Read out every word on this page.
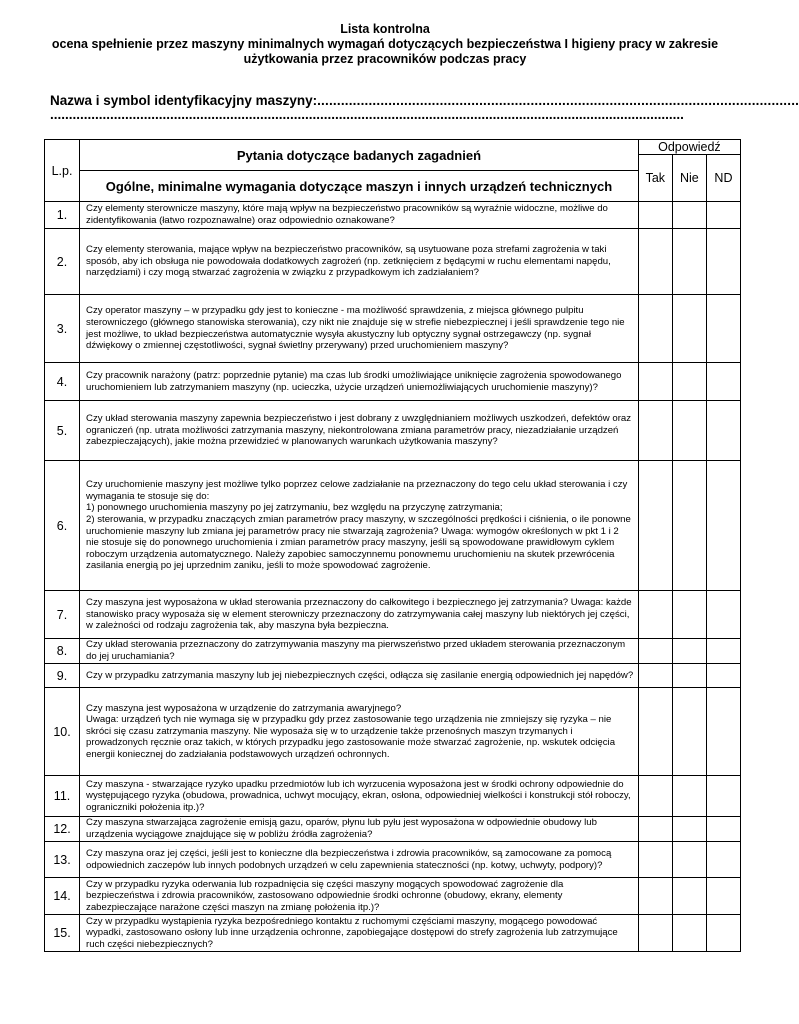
Lista kontrolna
ocena spełnienie przez maszyny minimalnych wymagań dotyczących bezpieczeństwa I higieny pracy w zakresie
użytkowania przez pracowników podczas pracy
Nazwa i symbol identyfikacyjny maszyny:..........................................................................................................................
.........................................................................................................................................................................
L.p.	Pytania dotyczące badanych zagadnień	Odpowiedź		
		Tak	Nie	ND
	Ogólne, minimalne wymagania dotyczące maszyn i innych urządzeń technicznych			
1.	Czy elementy sterownicze maszyny, które mają wpływ na bezpieczeństwo pracowników są wyraźnie widoczne, możliwe do zidentyfikowania (łatwo rozpoznawalne) oraz odpowiednio oznakowane?			
2.	Czy elementy sterowania, mające wpływ na bezpieczeństwo pracowników, są usytuowane poza strefami zagrożenia w taki sposób, aby ich obsługa nie powodowała dodatkowych zagrożeń (np. zetknięciem z będącymi w ruchu elementami napędu, narzędziami) i czy mogą stwarzać zagrożenia w związku z przypadkowym ich zadziałaniem?			
3.	Czy operator maszyny – w przypadku gdy jest to konieczne - ma możliwość sprawdzenia, z miejsca głównego pulpitu sterowniczego (głównego stanowiska sterowania), czy nikt nie znajduje się w strefie niebezpiecznej i jeśli sprawdzenie tego nie jest możliwe, to układ bezpieczeństwa automatycznie wysyła akustyczny lub optyczny sygnał ostrzegawczy (np. sygnał dźwiękowy o zmiennej częstotliwości, sygnał świetlny przerywany) przed uruchomieniem maszyny?			
4.	Czy pracownik narażony (patrz: poprzednie pytanie) ma czas lub środki umożliwiające uniknięcie zagrożenia spowodowanego uruchomieniem lub zatrzymaniem maszyny (np. ucieczka, użycie urządzeń uniemożliwiających uruchomienie maszyny)?			
5.	Czy układ sterowania maszyny zapewnia bezpieczeństwo i jest dobrany z uwzględnianiem możliwych uszkodzeń, defektów oraz ograniczeń (np. utrata możliwości zatrzymania maszyny, niekontrolowana zmiana parametrów pracy, niezadziałanie urządzeń zabezpieczających), jakie można przewidzieć w planowanych warunkach użytkowania maszyny?			
6.	Czy uruchomienie maszyny jest możliwe tylko poprzez celowe zadziałanie na przeznaczony do tego celu układ sterowania i czy wymagania te stosuje się do:
1) ponownego uruchomienia maszyny po jej zatrzymaniu, bez względu na przyczynę zatrzymania;
2) sterowania, w przypadku znaczących zmian parametrów pracy maszyny, w szczególności prędkości i ciśnienia, o ile ponowne uruchomienie maszyny lub zmiana jej parametrów pracy nie stwarzają zagrożenia? Uwaga: wymogów określonych w pkt 1 i 2 nie stosuje się do ponownego uruchomienia i zmian parametrów pracy maszyny, jeśli są spowodowane prawidłowym cyklem roboczym urządzenia automatycznego. Należy zapobiec samoczynnemu ponownemu uruchomieniu na skutek przewrócenia zasilania energią po jej uprzednim zaniku, jeśli to może spowodować zagrożenie.			
7.	Czy maszyna jest wyposażona w układ sterowania przeznaczony do całkowitego i bezpiecznego jej zatrzymania? Uwaga: każde stanowisko pracy wyposaża się w element sterowniczy przeznaczony do zatrzymywania całej maszyny lub niektórych jej części, w zależności od rodzaju zagrożenia tak, aby maszyna była bezpieczna.			
8.	Czy układ sterowania przeznaczony do zatrzymywania maszyny ma pierwszeństwo przed układem sterowania przeznaczonym do jej uruchamiania?			
9.	Czy w przypadku zatrzymania maszyny lub jej niebezpiecznych części, odłącza się zasilanie energią odpowiednich jej napędów?			
10.	Czy maszyna jest wyposażona w urządzenie do zatrzymania awaryjnego?
Uwaga: urządzeń tych nie wymaga się w przypadku gdy przez zastosowanie tego urządzenia nie zmniejszy się ryzyka – nie skróci się czasu zatrzymania maszyny. Nie wyposaża się w to urządzenie także przenośnych maszyn trzymanych i prowadzonych ręcznie oraz takich, w których przypadku jego zastosowanie może stwarzać zagrożenie, np. wskutek odcięcia energii koniecznej do zadziałania podstawowych urządzeń ochronnych.			
11.	Czy maszyna - stwarzające ryzyko upadku przedmiotów lub ich wyrzucenia wyposażona jest w środki ochrony odpowiednie do występującego ryzyka (obudowa, prowadnica, uchwyt mocujący, ekran, osłona, odpowiedniej wielkości i konstrukcji stół roboczy, ograniczniki położenia itp.)?			
12.	Czy maszyna stwarzająca zagrożenie emisją gazu, oparów, płynu lub pyłu jest wyposażona w odpowiednie obudowy lub urządzenia wyciągowe znajdujące się w pobliżu źródła zagrożenia?			
13.	Czy maszyna oraz jej części, jeśli jest to konieczne dla bezpieczeństwa i zdrowia pracowników, są zamocowane za pomocą odpowiednich zaczepów lub innych podobnych urządzeń w celu zapewnienia stateczności (np. kotwy, uchwyty, podpory)?			
14.	Czy w przypadku ryzyka oderwania lub rozpadnięcia się części maszyny mogących spowodować zagrożenie dla bezpieczeństwa i zdrowia pracowników, zastosowano odpowiednie środki ochronne (obudowy, ekrany, elementy zabezpieczające narażone części maszyn na zmianę położenia itp.)?			
15.	Czy w przypadku wystąpienia ryzyka bezpośredniego kontaktu z ruchomymi częściami maszyny, mogącego powodować wypadki, zastosowano osłony lub inne urządzenia ochronne, zapobiegające dostępowi do strefy zagrożenia lub zatrzymujące ruch części niebezpiecznych?			
